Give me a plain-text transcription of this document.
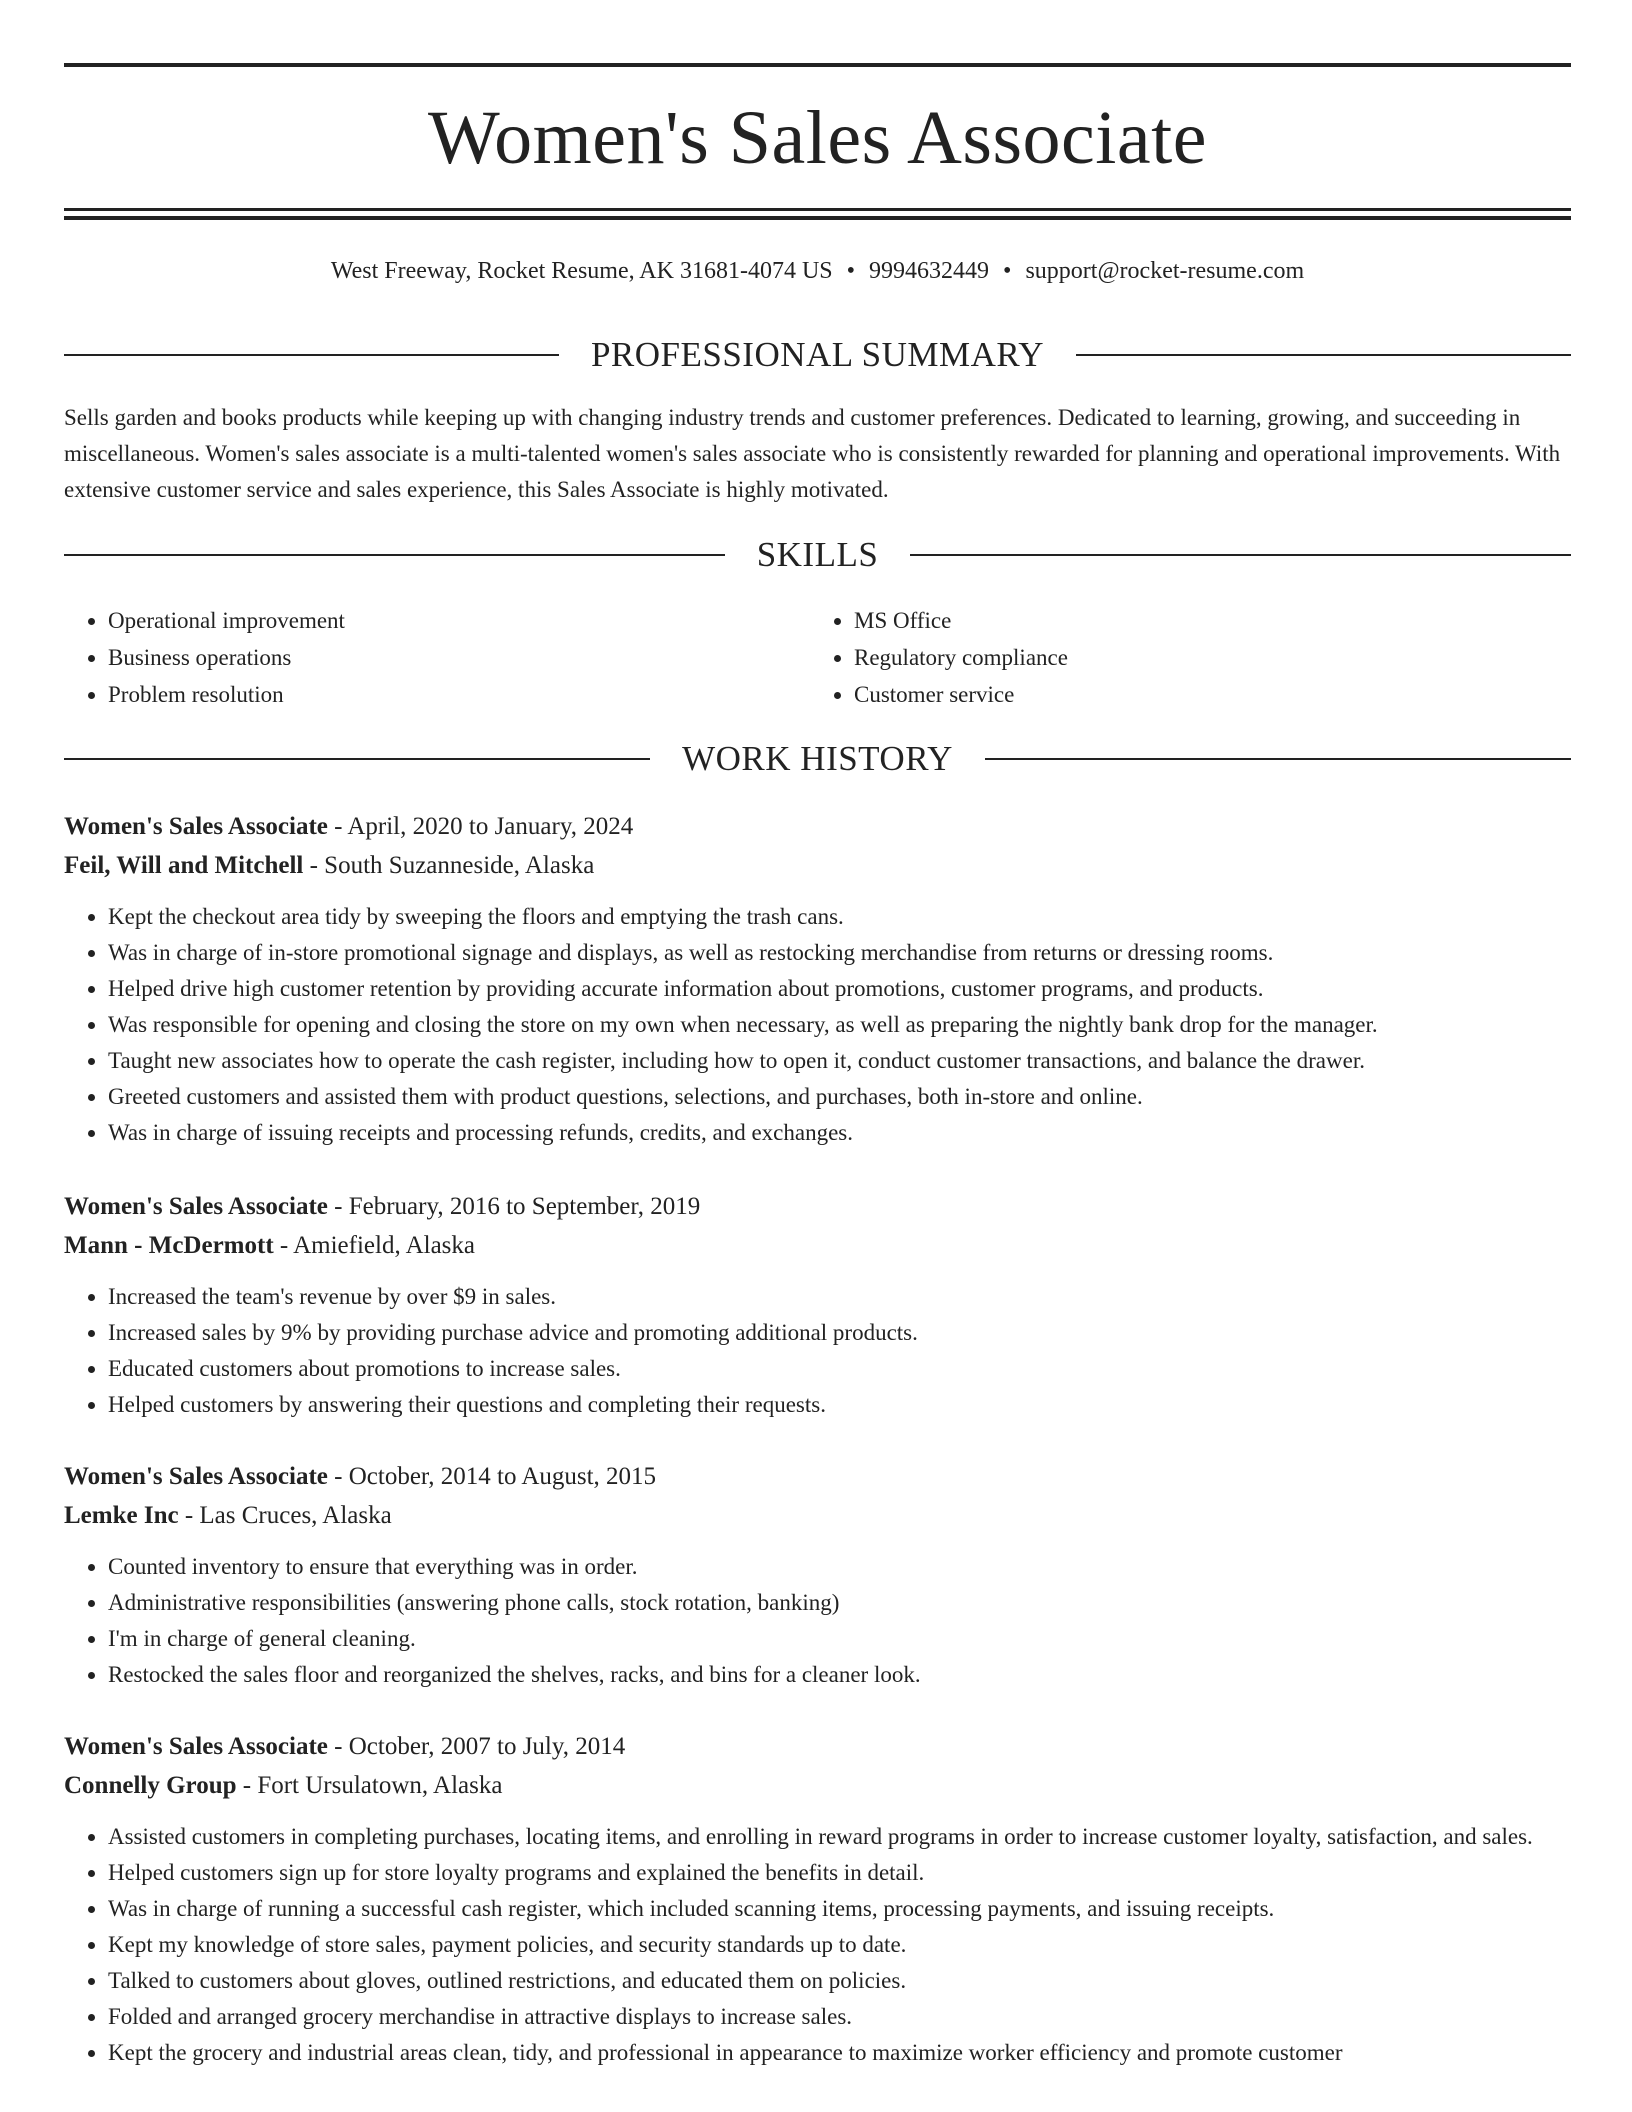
Women's Sales Associate
West Freeway, Rocket Resume, AK 31681-4074 US • 9994632449 • support@rocket-resume.com
PROFESSIONAL SUMMARY

Sells garden and books products while keeping up with changing industry trends and customer preferences. Dedicated to learning, growing, and succeeding in miscellaneous. Women's sales associate is a multi-talented women's sales associate who is consistently rewarded for planning and operational improvements. With extensive customer service and sales experience, this Sales Associate is highly motivated.

SKILLS
• Operational improvement
• Business operations
• Problem resolution
• MS Office
• Regulatory compliance
• Customer service
WORK HISTORY
Women's Sales Associate - April, 2020 to January, 2024
Feil, Will and Mitchell - South Suzanneside, Alaska
• Kept the checkout area tidy by sweeping the floors and emptying the trash cans.
• Was in charge of in-store promotional signage and displays, as well as restocking merchandise from returns or dressing rooms.
• Helped drive high customer retention by providing accurate information about promotions, customer programs, and products.
• Was responsible for opening and closing the store on my own when necessary, as well as preparing the nightly bank drop for the manager.
• Taught new associates how to operate the cash register, including how to open it, conduct customer transactions, and balance the drawer.
• Greeted customers and assisted them with product questions, selections, and purchases, both in-store and online.
• Was in charge of issuing receipts and processing refunds, credits, and exchanges.
Women's Sales Associate - February, 2016 to September, 2019
Mann - McDermott - Amiefield, Alaska
• Increased the team's revenue by over $9 in sales.
• Increased sales by 9% by providing purchase advice and promoting additional products.
• Educated customers about promotions to increase sales.
• Helped customers by answering their questions and completing their requests.
Women's Sales Associate - October, 2014 to August, 2015
Lemke Inc - Las Cruces, Alaska
• Counted inventory to ensure that everything was in order.
• Administrative responsibilities (answering phone calls, stock rotation, banking)
• I'm in charge of general cleaning.
• Restocked the sales floor and reorganized the shelves, racks, and bins for a cleaner look.
Women's Sales Associate - October, 2007 to July, 2014
Connelly Group - Fort Ursulatown, Alaska
• Assisted customers in completing purchases, locating items, and enrolling in reward programs in order to increase customer loyalty, satisfaction, and sales.
• Helped customers sign up for store loyalty programs and explained the benefits in detail.
• Was in charge of running a successful cash register, which included scanning items, processing payments, and issuing receipts.
• Kept my knowledge of store sales, payment policies, and security standards up to date.
• Talked to customers about gloves, outlined restrictions, and educated them on policies.
• Folded and arranged grocery merchandise in attractive displays to increase sales.
• Kept the grocery and industrial areas clean, tidy, and professional in appearance to maximize worker efficiency and promote customer
